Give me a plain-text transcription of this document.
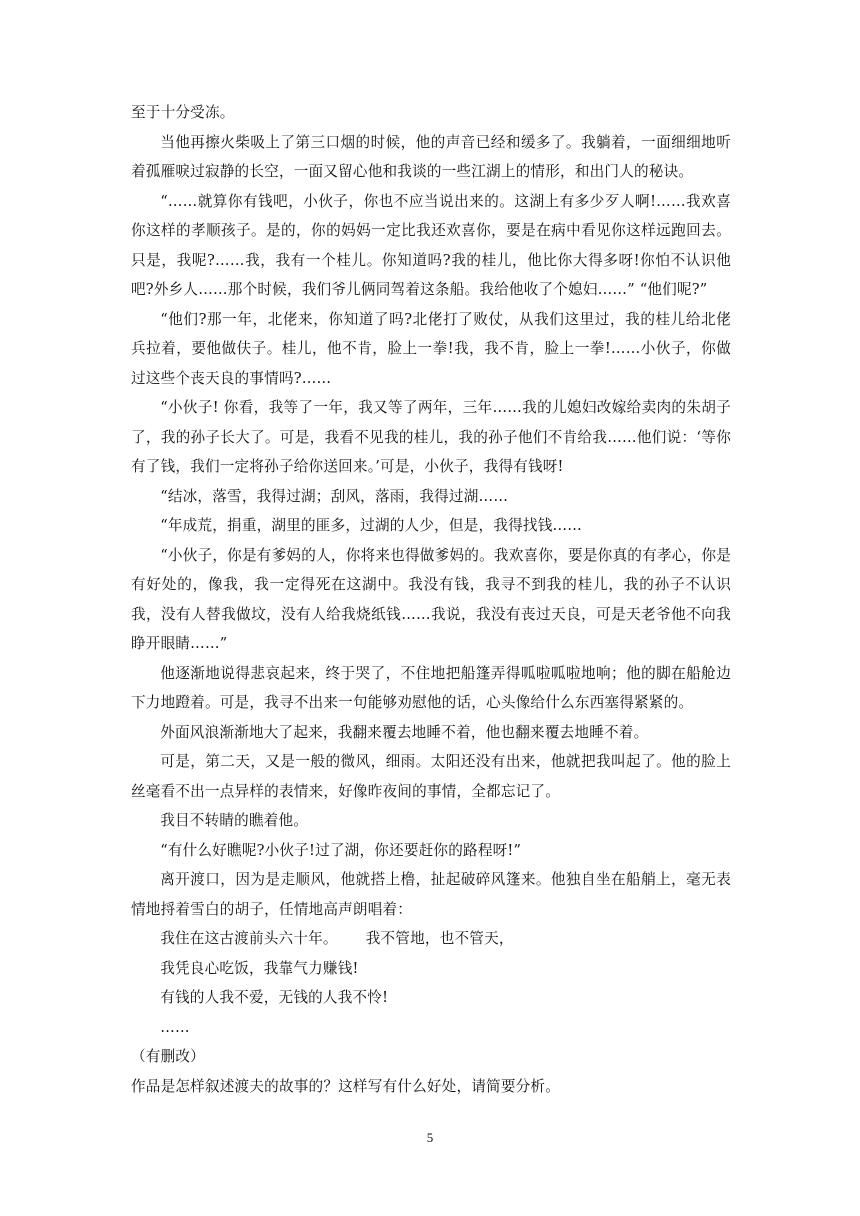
至于十分受冻。

当他再擦火柴吸上了第三口烟的时候，他的声音已经和缓多了。我躺着，一面细细地听着孤雁唳过寂静的长空，一面又留心他和我谈的一些江湖上的情形，和出门人的秘诀。

“……就算你有钱吧，小伙子，你也不应当说出来的。这湖上有多少歹人啊!……我欢喜你这样的孝顺孩子。是的，你的妈妈一定比我还欢喜你，要是在病中看见你这样远跑回去。只是，我呢?……我，我有一个桂儿。你知道吗?我的桂儿，他比你大得多呀!你怕不认识他吧?外乡人……那个时候，我们爷儿俩同驾着这条船。我给他收了个媳妇……” “他们呢?”

“他们?那一年，北佬来，你知道了吗?北佬打了败仗，从我们这里过，我的桂儿给北佬兵拉着，要他做伕子。桂儿，他不肯，脸上一拳!我，我不肯，脸上一拳!……小伙子，你做过这些个丧天良的事情吗?……

“小伙子! 你看，我等了一年，我又等了两年，三年……我的儿媳妇改嫁给卖肉的朱胡子了，我的孙子长大了。可是，我看不见我的桂儿，我的孙子他们不肯给我……他们说：‘等你有了钱，我们一定将孙子给你送回来。’可是，小伙子，我得有钱呀!

“结冰，落雪，我得过湖；刮风，落雨，我得过湖……

“年成荒，捐重，湖里的匪多，过湖的人少，但是，我得找钱……

“小伙子，你是有爹妈的人，你将来也得做爹妈的。我欢喜你，要是你真的有孝心，你是有好处的，像我，我一定得死在这湖中。我没有钱，我寻不到我的桂儿，我的孙子不认识我，没有人替我做坟，没有人给我烧纸钱……我说，我没有丧过天良，可是天老爷他不向我睁开眼睛……”

他逐渐地说得悲哀起来，终于哭了，不住地把船篷弄得呱啦呱啦地响；他的脚在船舱边下力地蹬着。可是，我寻不出来一句能够劝慰他的话，心头像给什么东西塞得紧紧的。

外面风浪渐渐地大了起来，我翻来覆去地睡不着，他也翻来覆去地睡不着。

可是，第二天，又是一般的微风，细雨。太阳还没有出来，他就把我叫起了。他的脸上丝毫看不出一点异样的表情来，好像昨夜间的事情，全都忘记了。

我目不转睛的瞧着他。

“有什么好瞧呢?小伙子!过了湖，你还要赶你的路程呀!”

离开渡口，因为是走顺风，他就搭上橹，扯起破碎风篷来。他独自坐在船艄上，毫无表情地捋着雪白的胡子，任情地高声朗唱着：

我住在这古渡前头六十年。 我不管地，也不管天，

我凭良心吃饭，我靠气力赚钱!

有钱的人我不爱，无钱的人我不怜!

……

（有删改）

作品是怎样叙述渡夫的故事的？这样写有什么好处，请简要分析。

5
